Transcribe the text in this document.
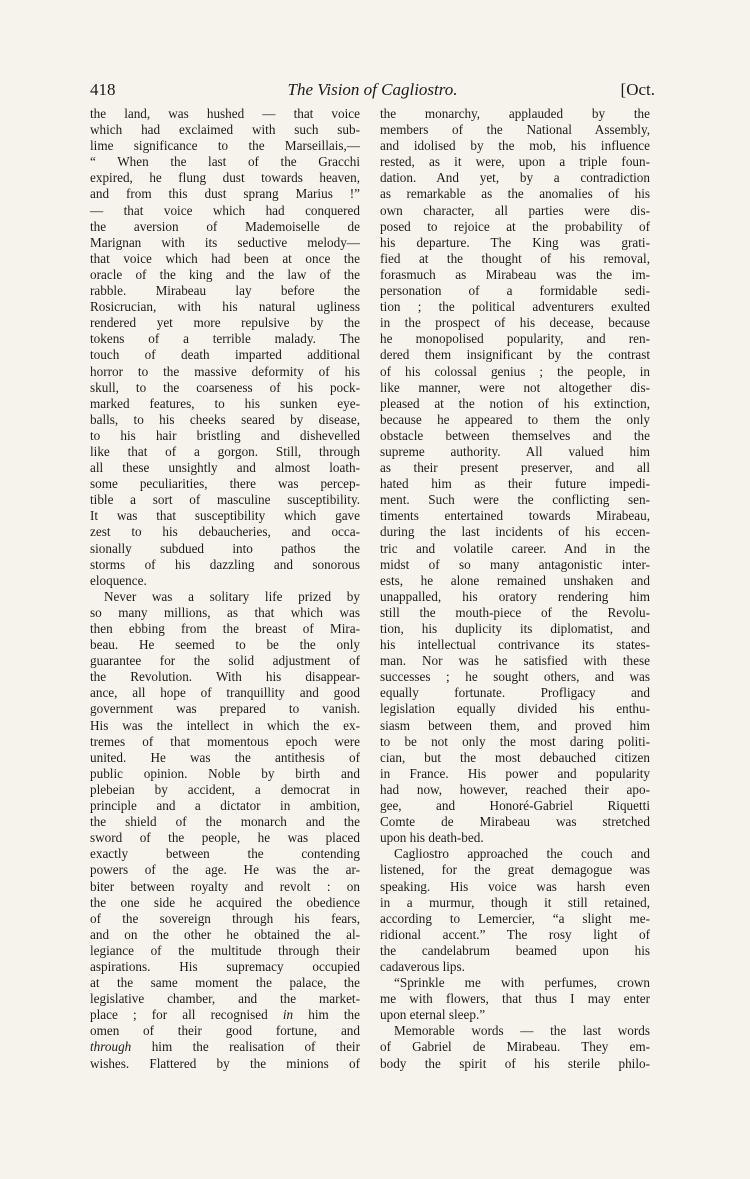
418	The Vision of Cagliostro.	[Oct.
the land, was hushed — that voice
which had exclaimed with such sub-
lime significance to the Marseillais,—
“ When the last of the Gracchi
expired, he flung dust towards heaven,
and from this dust sprang Marius !”
— that voice which had conquered
the aversion of Mademoiselle de
Marignan with its seductive melody—
that voice which had been at once the
oracle of the king and the law of the
rabble. Mirabeau lay before the
Rosicrucian, with his natural ugliness
rendered yet more repulsive by the
tokens of a terrible malady. The
touch of death imparted additional
horror to the massive deformity of his
skull, to the coarseness of his pock-
marked features, to his sunken eye-
balls, to his cheeks seared by disease,
to his hair bristling and dishevelled
like that of a gorgon. Still, through
all these unsightly and almost loath-
some peculiarities, there was percep-
tible a sort of masculine susceptibility.
It was that susceptibility which gave
zest to his debaucheries, and occa-
sionally subdued into pathos the
storms of his dazzling and sonorous
eloquence.
Never was a solitary life prized by
so many millions, as that which was
then ebbing from the breast of Mira-
beau. He seemed to be the only
guarantee for the solid adjustment of
the Revolution. With his disappear-
ance, all hope of tranquillity and good
government was prepared to vanish.
His was the intellect in which the ex-
tremes of that momentous epoch were
united. He was the antithesis of
public opinion. Noble by birth and
plebeian by accident, a democrat in
principle and a dictator in ambition,
the shield of the monarch and the
sword of the people, he was placed
exactly between the contending
powers of the age. He was the ar-
biter between royalty and revolt : on
the one side he acquired the obedience
of the sovereign through his fears,
and on the other he obtained the al-
legiance of the multitude through their
aspirations. His supremacy occupied
at the same moment the palace, the
legislative chamber, and the market-
place ; for all recognised in him the
omen of their good fortune, and
through him the realisation of their
wishes. Flattered by the minions of
the monarchy, applauded by the
members of the National Assembly,
and idolised by the mob, his influence
rested, as it were, upon a triple foun-
dation. And yet, by a contradiction
as remarkable as the anomalies of his
own character, all parties were dis-
posed to rejoice at the probability of
his departure. The King was grati-
fied at the thought of his removal,
forasmuch as Mirabeau was the im-
personation of a formidable sedi-
tion ; the political adventurers exulted
in the prospect of his decease, because
he monopolised popularity, and ren-
dered them insignificant by the contrast
of his colossal genius ; the people, in
like manner, were not altogether dis-
pleased at the notion of his extinction,
because he appeared to them the only
obstacle between themselves and the
supreme authority. All valued him
as their present preserver, and all
hated him as their future impedi-
ment. Such were the conflicting sen-
timents entertained towards Mirabeau,
during the last incidents of his eccen-
tric and volatile career. And in the
midst of so many antagonistic inter-
ests, he alone remained unshaken and
unappalled, his oratory rendering him
still the mouth-piece of the Revolu-
tion, his duplicity its diplomatist, and
his intellectual contrivance its states-
man. Nor was he satisfied with these
successes ; he sought others, and was
equally fortunate. Profligacy and
legislation equally divided his enthu-
siasm between them, and proved him
to be not only the most daring politi-
cian, but the most debauched citizen
in France. His power and popularity
had now, however, reached their apo-
gee, and Honoré-Gabriel Riquetti
Comte de Mirabeau was stretched
upon his death-bed.
Cagliostro approached the couch and
listened, for the great demagogue was
speaking. His voice was harsh even
in a murmur, though it still retained,
according to Lemercier, “a slight me-
ridional accent.” The rosy light of
the candelabrum beamed upon his
cadaverous lips.
“Sprinkle me with perfumes, crown
me with flowers, that thus I may enter
upon eternal sleep.”
Memorable words — the last words
of Gabriel de Mirabeau. They em-
body the spirit of his sterile philo-
